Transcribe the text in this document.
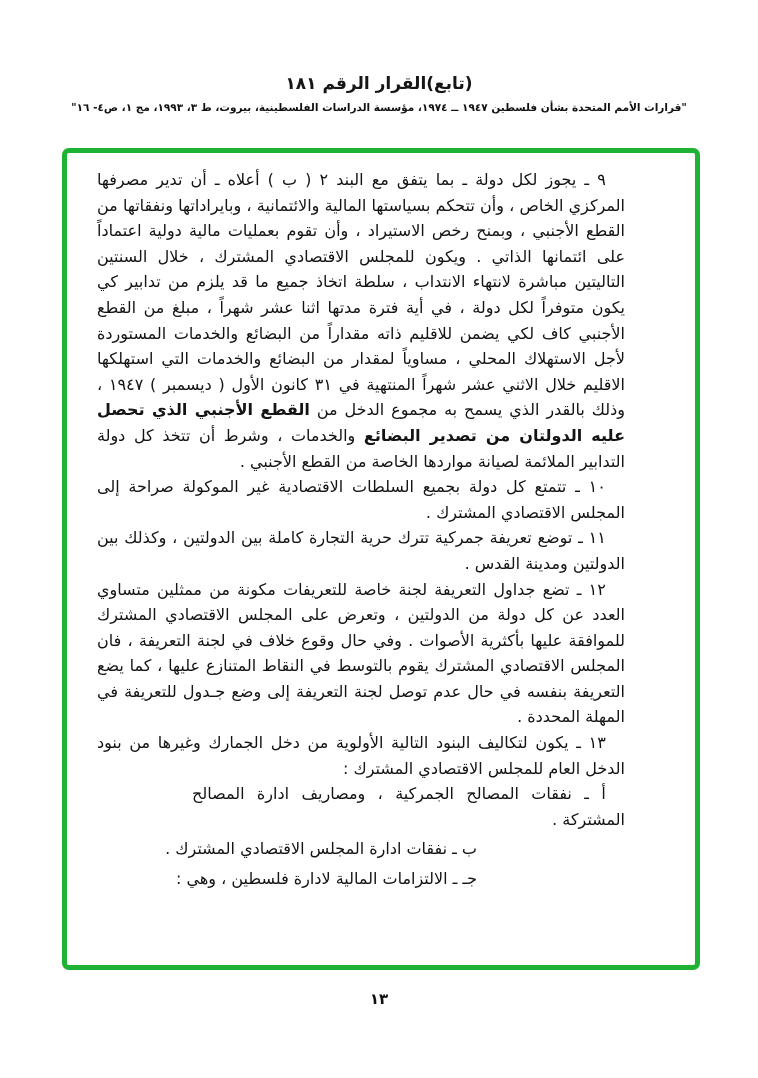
(تابع)القرار الرقم ١٨١
"قرارات الأمم المتحدة بشأن فلسطين ١٩٤٧ ــ ١٩٧٤، مؤسسة الدراسات الفلسطينية، بيروت، ط ٣، ١٩٩٣، مج ١، ص٤- ١٦"

٩ ـ يجوز لكل دولة ـ بما يتفق مع البند ٢ ( ب ) أعلاه ـ أن تدير مصرفها المركزي الخاص ، وأن تتحكم بسياستها المالية والائتمانية ، وبايراداتها ونفقاتها من القطع الأجنبي ، وبمنح رخص الاستيراد ، وأن تقوم بعمليات مالية دولية اعتماداً على ائتمانها الذاتي . ويكون للمجلس الاقتصادي المشترك ، خلال السنتين التاليتين مباشرة لانتهاء الانتداب ، سلطة اتخاذ جميع ما قد يلزم من تدابير كي يكون متوفراً لكل دولة ، في أية فترة مدتها اثنا عشر شهراً ، مبلغ من القطع الأجنبي كاف لكي يضمن للاقليم ذاته مقداراً من البضائع والخدمات المستوردة لأجل الاستهلاك المحلي ، مساوياً لمقدار من البضائع والخدمات التي استهلكها الاقليم خلال الاثني عشر شهراً المنتهية في ٣١ كانون الأول ( ديسمبر ) ١٩٤٧ ، وذلك بالقدر الذي يسمح به مجموع الدخل من القطع الأجنبي الذي تحصل عليه الدولتان من تصدير البضائع والخدمات ، وشرط أن تتخذ كل دولة التدابير الملائمة لصيانة مواردها الخاصة من القطع الأجنبي .

١٠ ـ تتمتع كل دولة بجميع السلطات الاقتصادية غير الموكولة صراحة إلى المجلس الاقتصادي المشترك .

١١ ـ توضع تعريفة جمركية تترك حرية التجارة كاملة بين الدولتين ، وكذلك بين الدولتين ومدينة القدس .

١٢ ـ تضع جداول التعريفة لجنة خاصة للتعريفات مكونة من ممثلين متساوي العدد عن كل دولة من الدولتين ، وتعرض على المجلس الاقتصادي المشترك للموافقة عليها بأكثرية الأصوات . وفي حال وقوع خلاف في لجنة التعريفة ، فان المجلس الاقتصادي المشترك يقوم بالتوسط في النقاط المتنازع عليها ، كما يضع التعريفة بنفسه في حال عدم توصل لجنة التعريفة إلى وضع جـدول للتعريفة في المهلة المحددة .

١٣ ـ يكون لتكاليف البنود التالية الأولوية من دخل الجمارك وغيرها من بنود الدخل العام للمجلس الاقتصادي المشترك :

أ ـ نفقات المصالح الجمركية ، ومصاريف ادارة المصالح المشتركة .

ب ـ نفقات ادارة المجلس الاقتصادي المشترك .

جـ ـ الالتزامات المالية لادارة فلسطين ، وهي :

١٣
